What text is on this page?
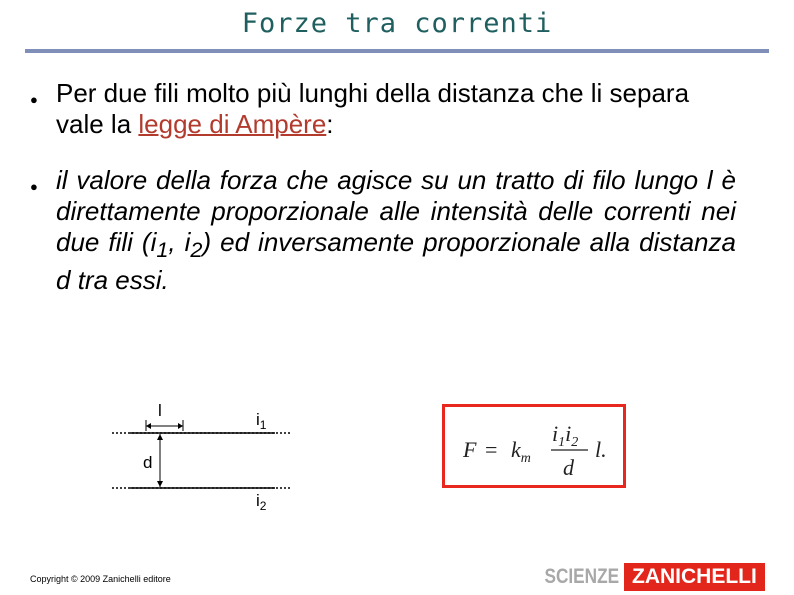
Forze tra correnti
● Per due fili molto più lunghi della distanza che li separa vale la legge di Ampère:
● il valore della forza che agisce su un tratto di filo lungo l è direttamente proporzionale alle intensità delle correnti nei due fili ($i_1$, $i_2$) ed inversamente proporzionale alla distanza d tra essi.
l
d
$i_1$
$i_2$
$F = k_m$
$i_1i_2$
d
l.
Copyright © 2009 Zanichelli editore	SCIENZE ZANICHELLI
